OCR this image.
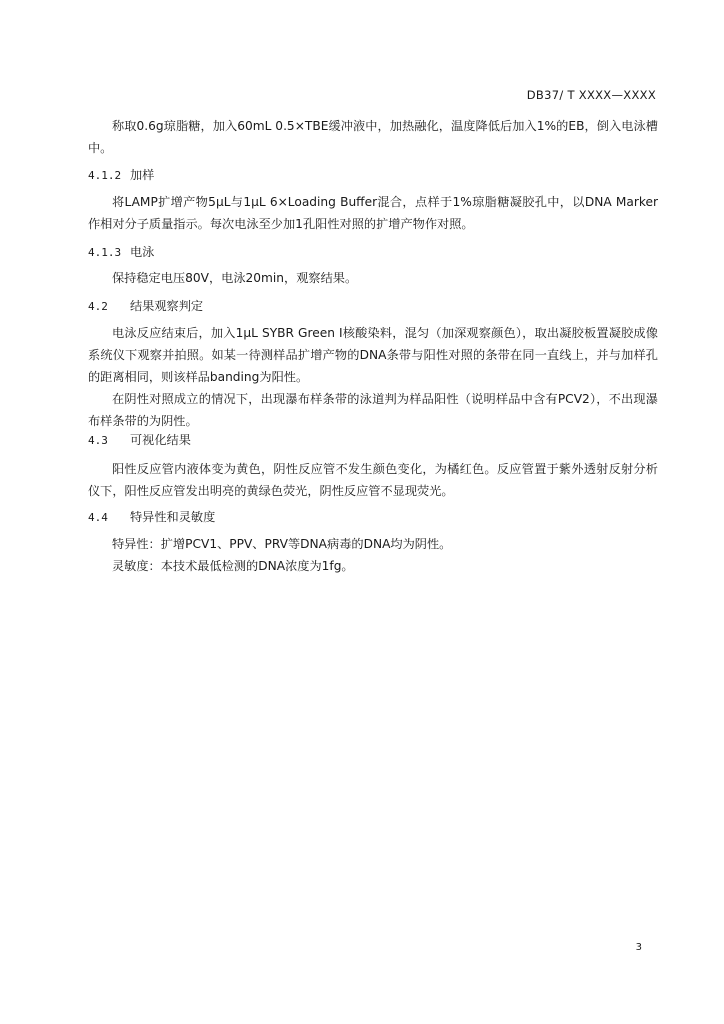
DB37/ T XXXX—XXXX
称取0.6g琼脂糖，加入60mL 0.5×TBE缓冲液中，加热融化，温度降低后加入1%的EB，倒入电泳槽中。
4.1.2 加样
将LAMP扩增产物5μL与1μL 6×Loading Buffer混合，点样于1%琼脂糖凝胶孔中，以DNA Marker作相对分子质量指示。每次电泳至少加1孔阳性对照的扩增产物作对照。
4.1.3 电泳
保持稳定电压80V，电泳20min，观察结果。
4.2 结果观察判定
电泳反应结束后，加入1μL SYBR Green Ⅰ核酸染料，混匀（加深观察颜色），取出凝胶板置凝胶成像系统仪下观察并拍照。如某一待测样品扩增产物的DNA条带与阳性对照的条带在同一直线上，并与加样孔的距离相同，则该样品banding为阳性。
在阴性对照成立的情况下，出现瀑布样条带的泳道判为样品阳性（说明样品中含有PCV2），不出现瀑布样条带的为阴性。
4.3 可视化结果
阳性反应管内液体变为黄色，阴性反应管不发生颜色变化，为橘红色。反应管置于紫外透射反射分析仪下，阳性反应管发出明亮的黄绿色荧光，阴性反应管不显现荧光。
4.4 特异性和灵敏度
特异性：扩增PCV1、PPV、PRV等DNA病毒的DNA均为阴性。
灵敏度：本技术最低检测的DNA浓度为1fg。
3
